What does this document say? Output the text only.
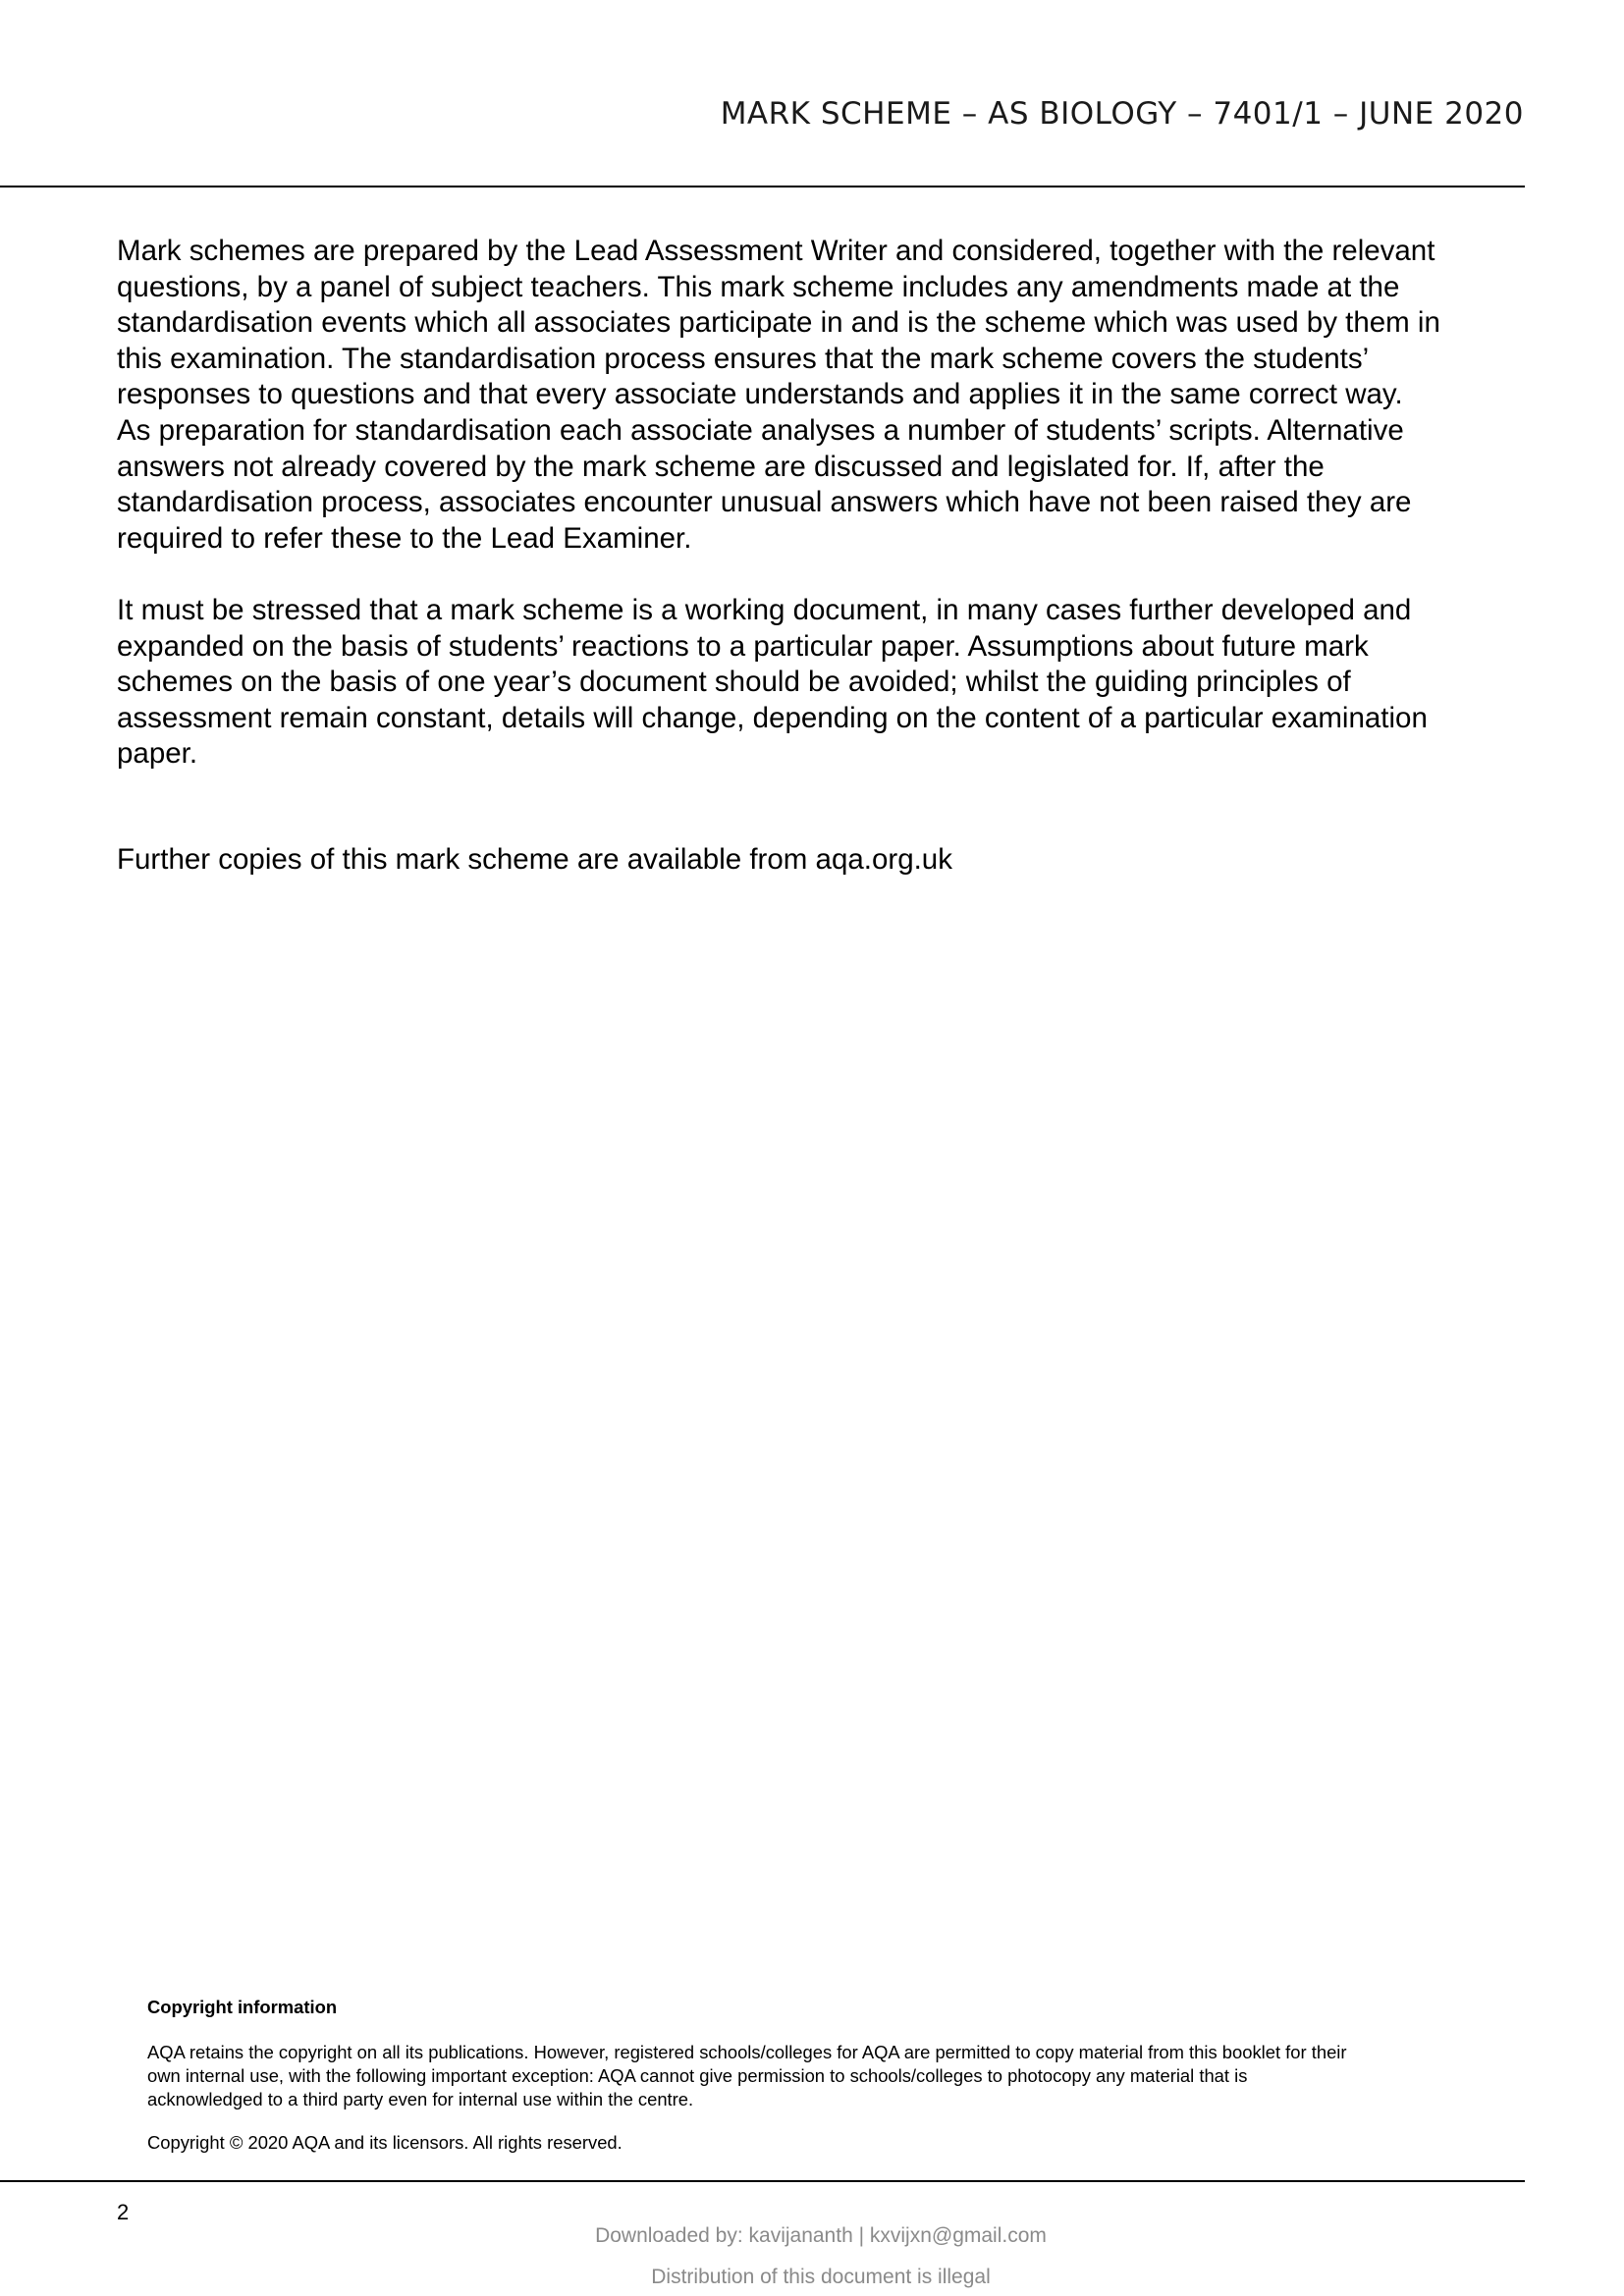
MARK SCHEME – AS BIOLOGY – 7401/1 – JUNE 2020
Mark schemes are prepared by the Lead Assessment Writer and considered, together with the relevant
questions, by a panel of subject teachers. This mark scheme includes any amendments made at the
standardisation events which all associates participate in and is the scheme which was used by them in
this examination. The standardisation process ensures that the mark scheme covers the students’
responses to questions and that every associate understands and applies it in the same correct way.
As preparation for standardisation each associate analyses a number of students’ scripts. Alternative
answers not already covered by the mark scheme are discussed and legislated for. If, after the
standardisation process, associates encounter unusual answers which have not been raised they are
required to refer these to the Lead Examiner.
It must be stressed that a mark scheme is a working document, in many cases further developed and
expanded on the basis of students’ reactions to a particular paper. Assumptions about future mark
schemes on the basis of one year’s document should be avoided; whilst the guiding principles of
assessment remain constant, details will change, depending on the content of a particular examination
paper.
Further copies of this mark scheme are available from aqa.org.uk
Copyright information
AQA retains the copyright on all its publications. However, registered schools/colleges for AQA are permitted to copy material from this booklet for their
own internal use, with the following important exception: AQA cannot give permission to schools/colleges to photocopy any material that is
acknowledged to a third party even for internal use within the centre.
Copyright © 2020 AQA and its licensors. All rights reserved.
2
Downloaded by: kavijananth | kxvijxn@gmail.com
Distribution of this document is illegal
